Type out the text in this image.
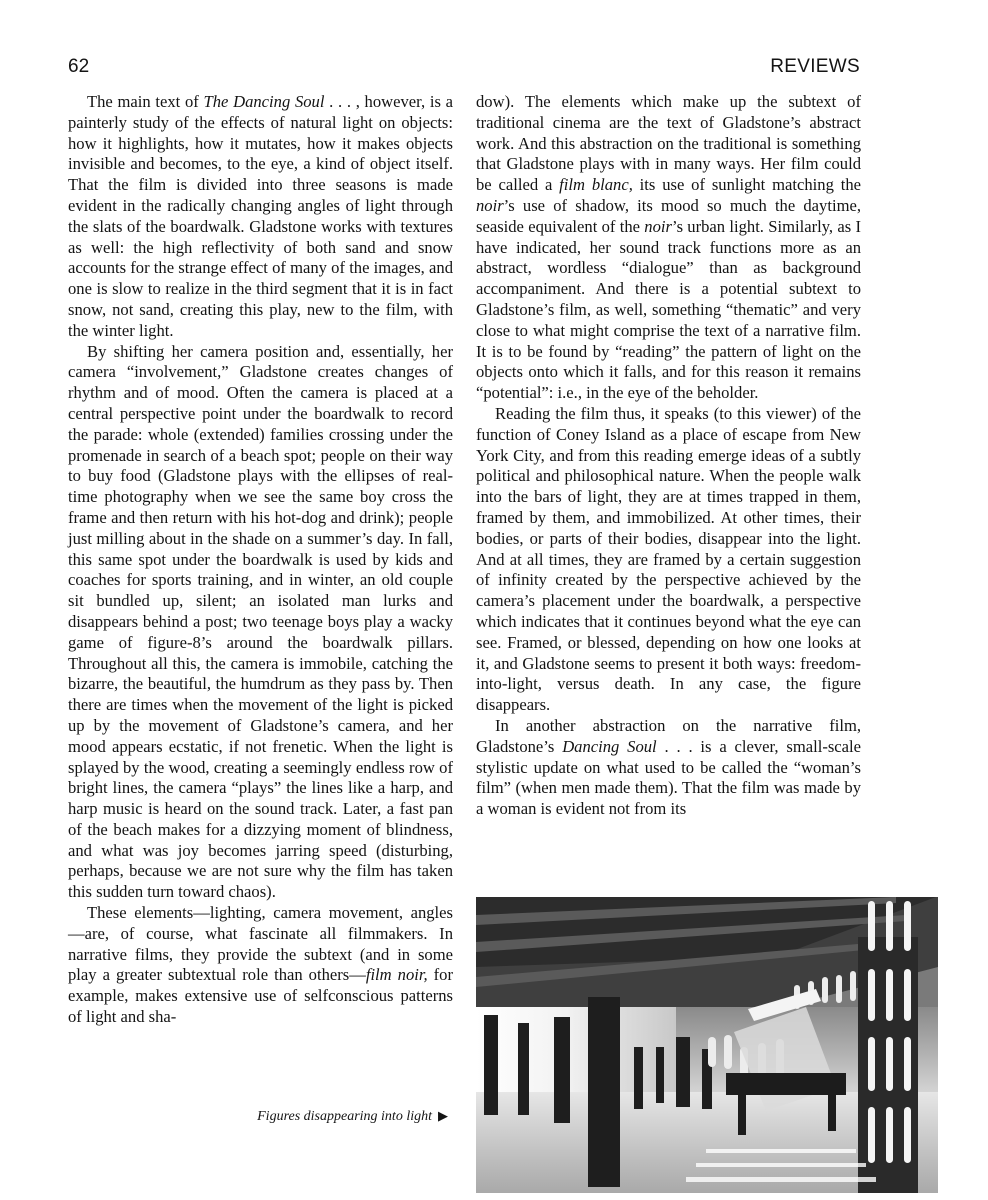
62	REVIEWS

The main text of The Dancing Soul . . . , however, is a painterly study of the effects of natural light on objects: how it highlights, how it mutates, how it makes objects invisible and becomes, to the eye, a kind of object itself. That the film is divided into three seasons is made evident in the radically changing angles of light through the slats of the boardwalk. Gladstone works with textures as well: the high reflectivity of both sand and snow accounts for the strange effect of many of the images, and one is slow to realize in the third segment that it is in fact snow, not sand, creating this play, new to the film, with the winter light.

By shifting her camera position and, essentially, her camera “involvement,” Gladstone creates changes of rhythm and of mood. Often the camera is placed at a central perspective point under the boardwalk to record the parade: whole (extended) families crossing under the promenade in search of a beach spot; people on their way to buy food (Gladstone plays with the ellipses of real-time photography when we see the same boy cross the frame and then return with his hot-dog and drink); people just milling about in the shade on a summer’s day. In fall, this same spot under the boardwalk is used by kids and coaches for sports training, and in winter, an old couple sit bundled up, silent; an isolated man lurks and disappears behind a post; two teenage boys play a wacky game of figure-8’s around the boardwalk pillars. Throughout all this, the camera is immobile, catching the bizarre, the beautiful, the humdrum as they pass by. Then there are times when the movement of the light is picked up by the movement of Gladstone’s camera, and her mood appears ecstatic, if not frenetic. When the light is splayed by the wood, creating a seemingly endless row of bright lines, the camera “plays” the lines like a harp, and harp music is heard on the sound track. Later, a fast pan of the beach makes for a dizzying moment of blindness, and what was joy becomes jarring speed (disturbing, perhaps, because we are not sure why the film has taken this sudden turn toward chaos).

These elements—lighting, camera movement, angles—are, of course, what fascinate all filmmakers. In narrative films, they provide the subtext (and in some play a greater subtextual role than others—film noir, for example, makes extensive use of selfconscious patterns of light and sha-

dow). The elements which make up the subtext of traditional cinema are the text of Gladstone’s abstract work. And this abstraction on the traditional is something that Gladstone plays with in many ways. Her film could be called a film blanc, its use of sunlight matching the noir’s use of shadow, its mood so much the daytime, seaside equivalent of the noir’s urban light. Similarly, as I have indicated, her sound track functions more as an abstract, wordless “dialogue” than as background accompaniment. And there is a potential subtext to Gladstone’s film, as well, something “thematic” and very close to what might comprise the text of a narrative film. It is to be found by “reading” the pattern of light on the objects onto which it falls, and for this reason it remains “potential”: i.e., in the eye of the beholder.

Reading the film thus, it speaks (to this viewer) of the function of Coney Island as a place of escape from New York City, and from this reading emerge ideas of a subtly political and philosophical nature. When the people walk into the bars of light, they are at times trapped in them, framed by them, and immobilized. At other times, their bodies, or parts of their bodies, disappear into the light. And at all times, they are framed by a certain suggestion of infinity created by the perspective achieved by the camera’s placement under the boardwalk, a perspective which indicates that it continues beyond what the eye can see. Framed, or blessed, depending on how one looks at it, and Gladstone seems to present it both ways: freedom-into-light, versus death. In any case, the figure disappears.

In another abstraction on the narrative film, Gladstone’s Dancing Soul . . . is a clever, small-scale stylistic update on what used to be called the “woman’s film” (when men made them). That the film was made by a woman is evident not from its

Figures disappearing into light ▶
